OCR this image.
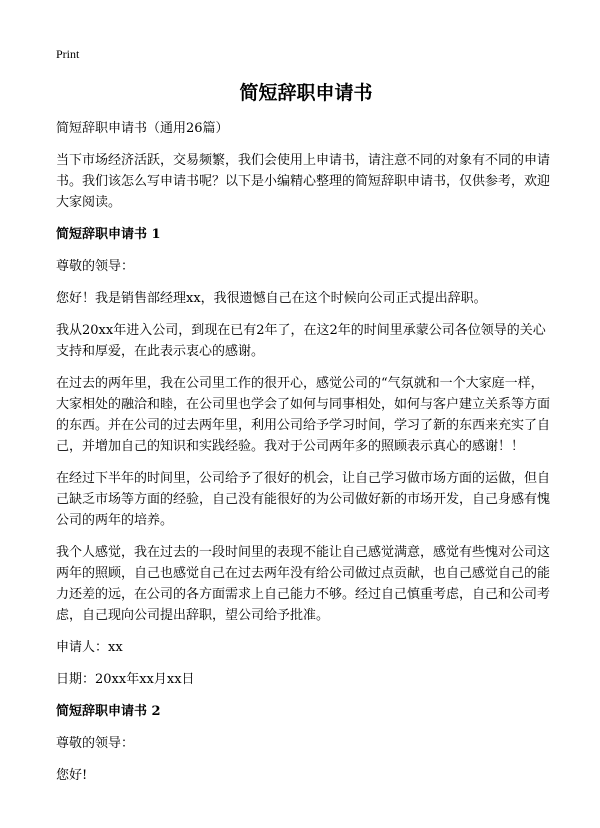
Print
简短辞职申请书

简短辞职申请书（通用26篇）

当下市场经济活跃，交易频繁，我们会使用上申请书，请注意不同的对象有不同的申请书。我们该怎么写申请书呢？以下是小编精心整理的简短辞职申请书，仅供参考，欢迎大家阅读。

简短辞职申请书 1

尊敬的领导：

您好！我是销售部经理xx，我很遗憾自己在这个时候向公司正式提出辞职。

我从20xx年进入公司，到现在已有2年了，在这2年的时间里承蒙公司各位领导的关心支持和厚爱，在此表示衷心的感谢。

在过去的两年里，我在公司里工作的很开心，感觉公司的“气氛就和一个大家庭一样，大家相处的融洽和睦，在公司里也学会了如何与同事相处，如何与客户建立关系等方面的东西。并在公司的过去两年里，利用公司给予学习时间，学习了新的东西来充实了自己，并增加自己的知识和实践经验。我对于公司两年多的照顾表示真心的感谢！！

在经过下半年的时间里，公司给予了很好的机会，让自己学习做市场方面的运做，但自己缺乏市场等方面的经验，自己没有能很好的为公司做好新的市场开发，自己身感有愧公司的两年的培养。

我个人感觉，我在过去的一段时间里的表现不能让自己感觉满意，感觉有些愧对公司这两年的照顾，自己也感觉自己在过去两年没有给公司做过点贡献，也自己感觉自己的能力还差的远，在公司的各方面需求上自己能力不够。经过自己慎重考虑，自己和公司考虑，自己现向公司提出辞职，望公司给予批准。

申请人：xx

日期：20xx年xx月xx日

简短辞职申请书 2

尊敬的领导：

您好!
